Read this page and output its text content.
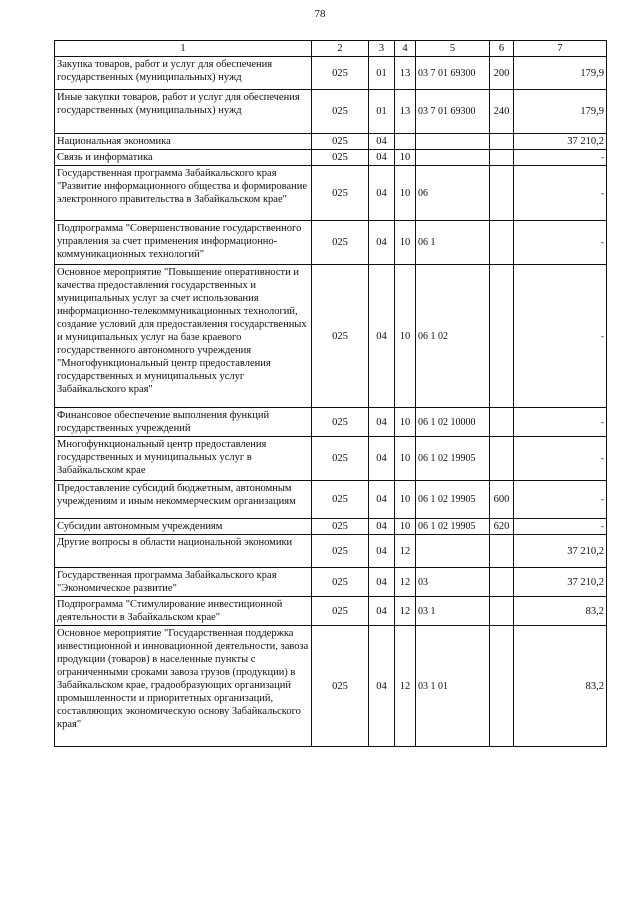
78
1	2	3	4	5	6	7
Закупка товаров, работ и услуг для обеспечения государственных (муниципальных) нужд	025	01	13	03 7 01 69300	200	179,9
Иные закупки товаров, работ и услуг для обеспечения государственных (муниципальных) нужд	025	01	13	03 7 01 69300	240	179,9
Национальная экономика	025	04				37 210,2
Связь и информатика	025	04	10			-
Государственная программа Забайкальского края "Развитие информационного общества и формирование электронного правительства в Забайкальском крае"	025	04	10	06		-
Подпрограмма "Совершенствование государственного управления за счет применения информационно-коммуникационных технологий"	025	04	10	06 1		-
Основное мероприятие "Повышение оперативности и качества предоставления государственных и муниципальных услуг за счет использования информационно-телекоммуникационных технологий, создание условий для предоставления государственных и муниципальных услуг на базе краевого государственного автономного учреждения "Многофункциональный центр предоставления государственных и муниципальных услуг Забайкальского края"	025	04	10	06 1 02		-
Финансовое обеспечение выполнения функций государственных учреждений	025	04	10	06 1 02 10000		-
Многофункциональный центр предоставления государственных и муниципальных услуг в Забайкальском крае	025	04	10	06 1 02 19905		-
Предоставление субсидий бюджетным, автономным учреждениям и иным некоммерческим организациям	025	04	10	06 1 02 19905	600	-
Субсидии автономным учреждениям	025	04	10	06 1 02 19905	620	-
Другие вопросы в области национальной экономики	025	04	12			37 210,2
Государственная программа Забайкальского края "Экономическое развитие"	025	04	12	03		37 210,2
Подпрограмма "Стимулирование инвестиционной деятельности в Забайкальском крае"	025	04	12	03 1		83,2
Основное мероприятие "Государственная поддержка инвестиционной и инновационной деятельности, завоза продукции (товаров) в населенные пункты с ограниченными сроками завоза грузов (продукции) в Забайкальском крае, градообразующих организаций промышленности и приоритетных организаций, составляющих экономическую основу Забайкальского края"	025	04	12	03 1 01		83,2
